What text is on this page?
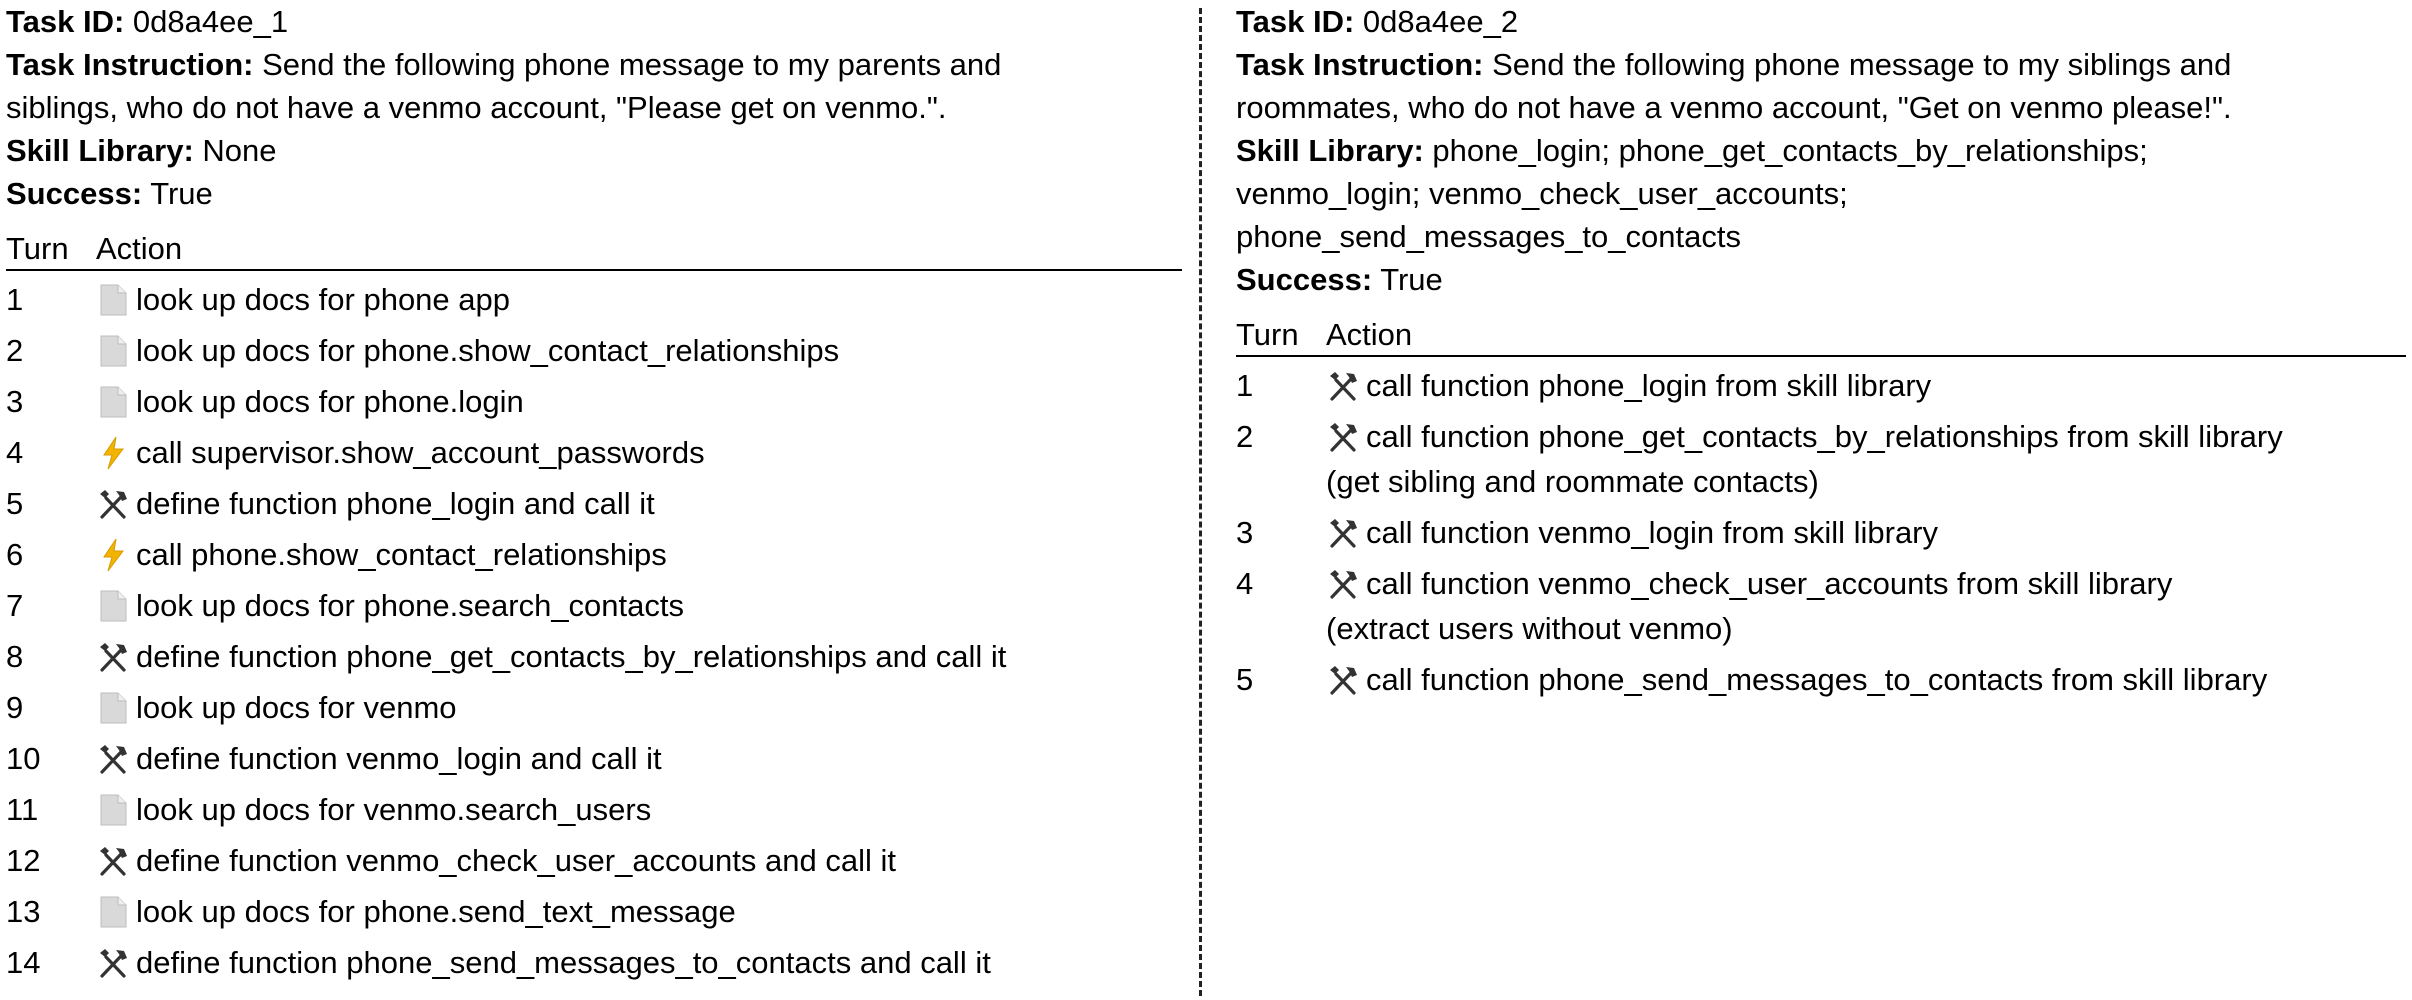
Task ID: 0d8a4ee_1

Task Instruction: Send the following phone message to my parents and

siblings, who do not have a venmo account, "Please get on venmo.".

Skill Library: None

Success: True

Turn Action
1	look up docs for phone app
2	look up docs for phone.show_contact_relationships
3	look up docs for phone.login
4	call supervisor.show_account_passwords
5	define function phone_login and call it
6	call phone.show_contact_relationships
7	look up docs for phone.search_contacts
8	define function phone_get_contacts_by_relationships and call it
9	look up docs for venmo
10	define function venmo_login and call it
11	look up docs for venmo.search_users
12	define function venmo_check_user_accounts and call it
13	look up docs for phone.send_text_message
14	define function phone_send_messages_to_contacts and call it

Task ID: 0d8a4ee_2

Task Instruction: Send the following phone message to my siblings and

roommates, who do not have a venmo account, "Get on venmo please!".

Skill Library: phone_login; phone_get_contacts_by_relationships;

venmo_login; venmo_check_user_accounts;

phone_send_messages_to_contacts

Success: True

Turn Action
1	call function phone_login from skill library
2	call function phone_get_contacts_by_relationships from skill library
(get sibling and roommate contacts)
3	call function venmo_login from skill library
4	call function venmo_check_user_accounts from skill library
(extract users without venmo)
5	call function phone_send_messages_to_contacts from skill library
